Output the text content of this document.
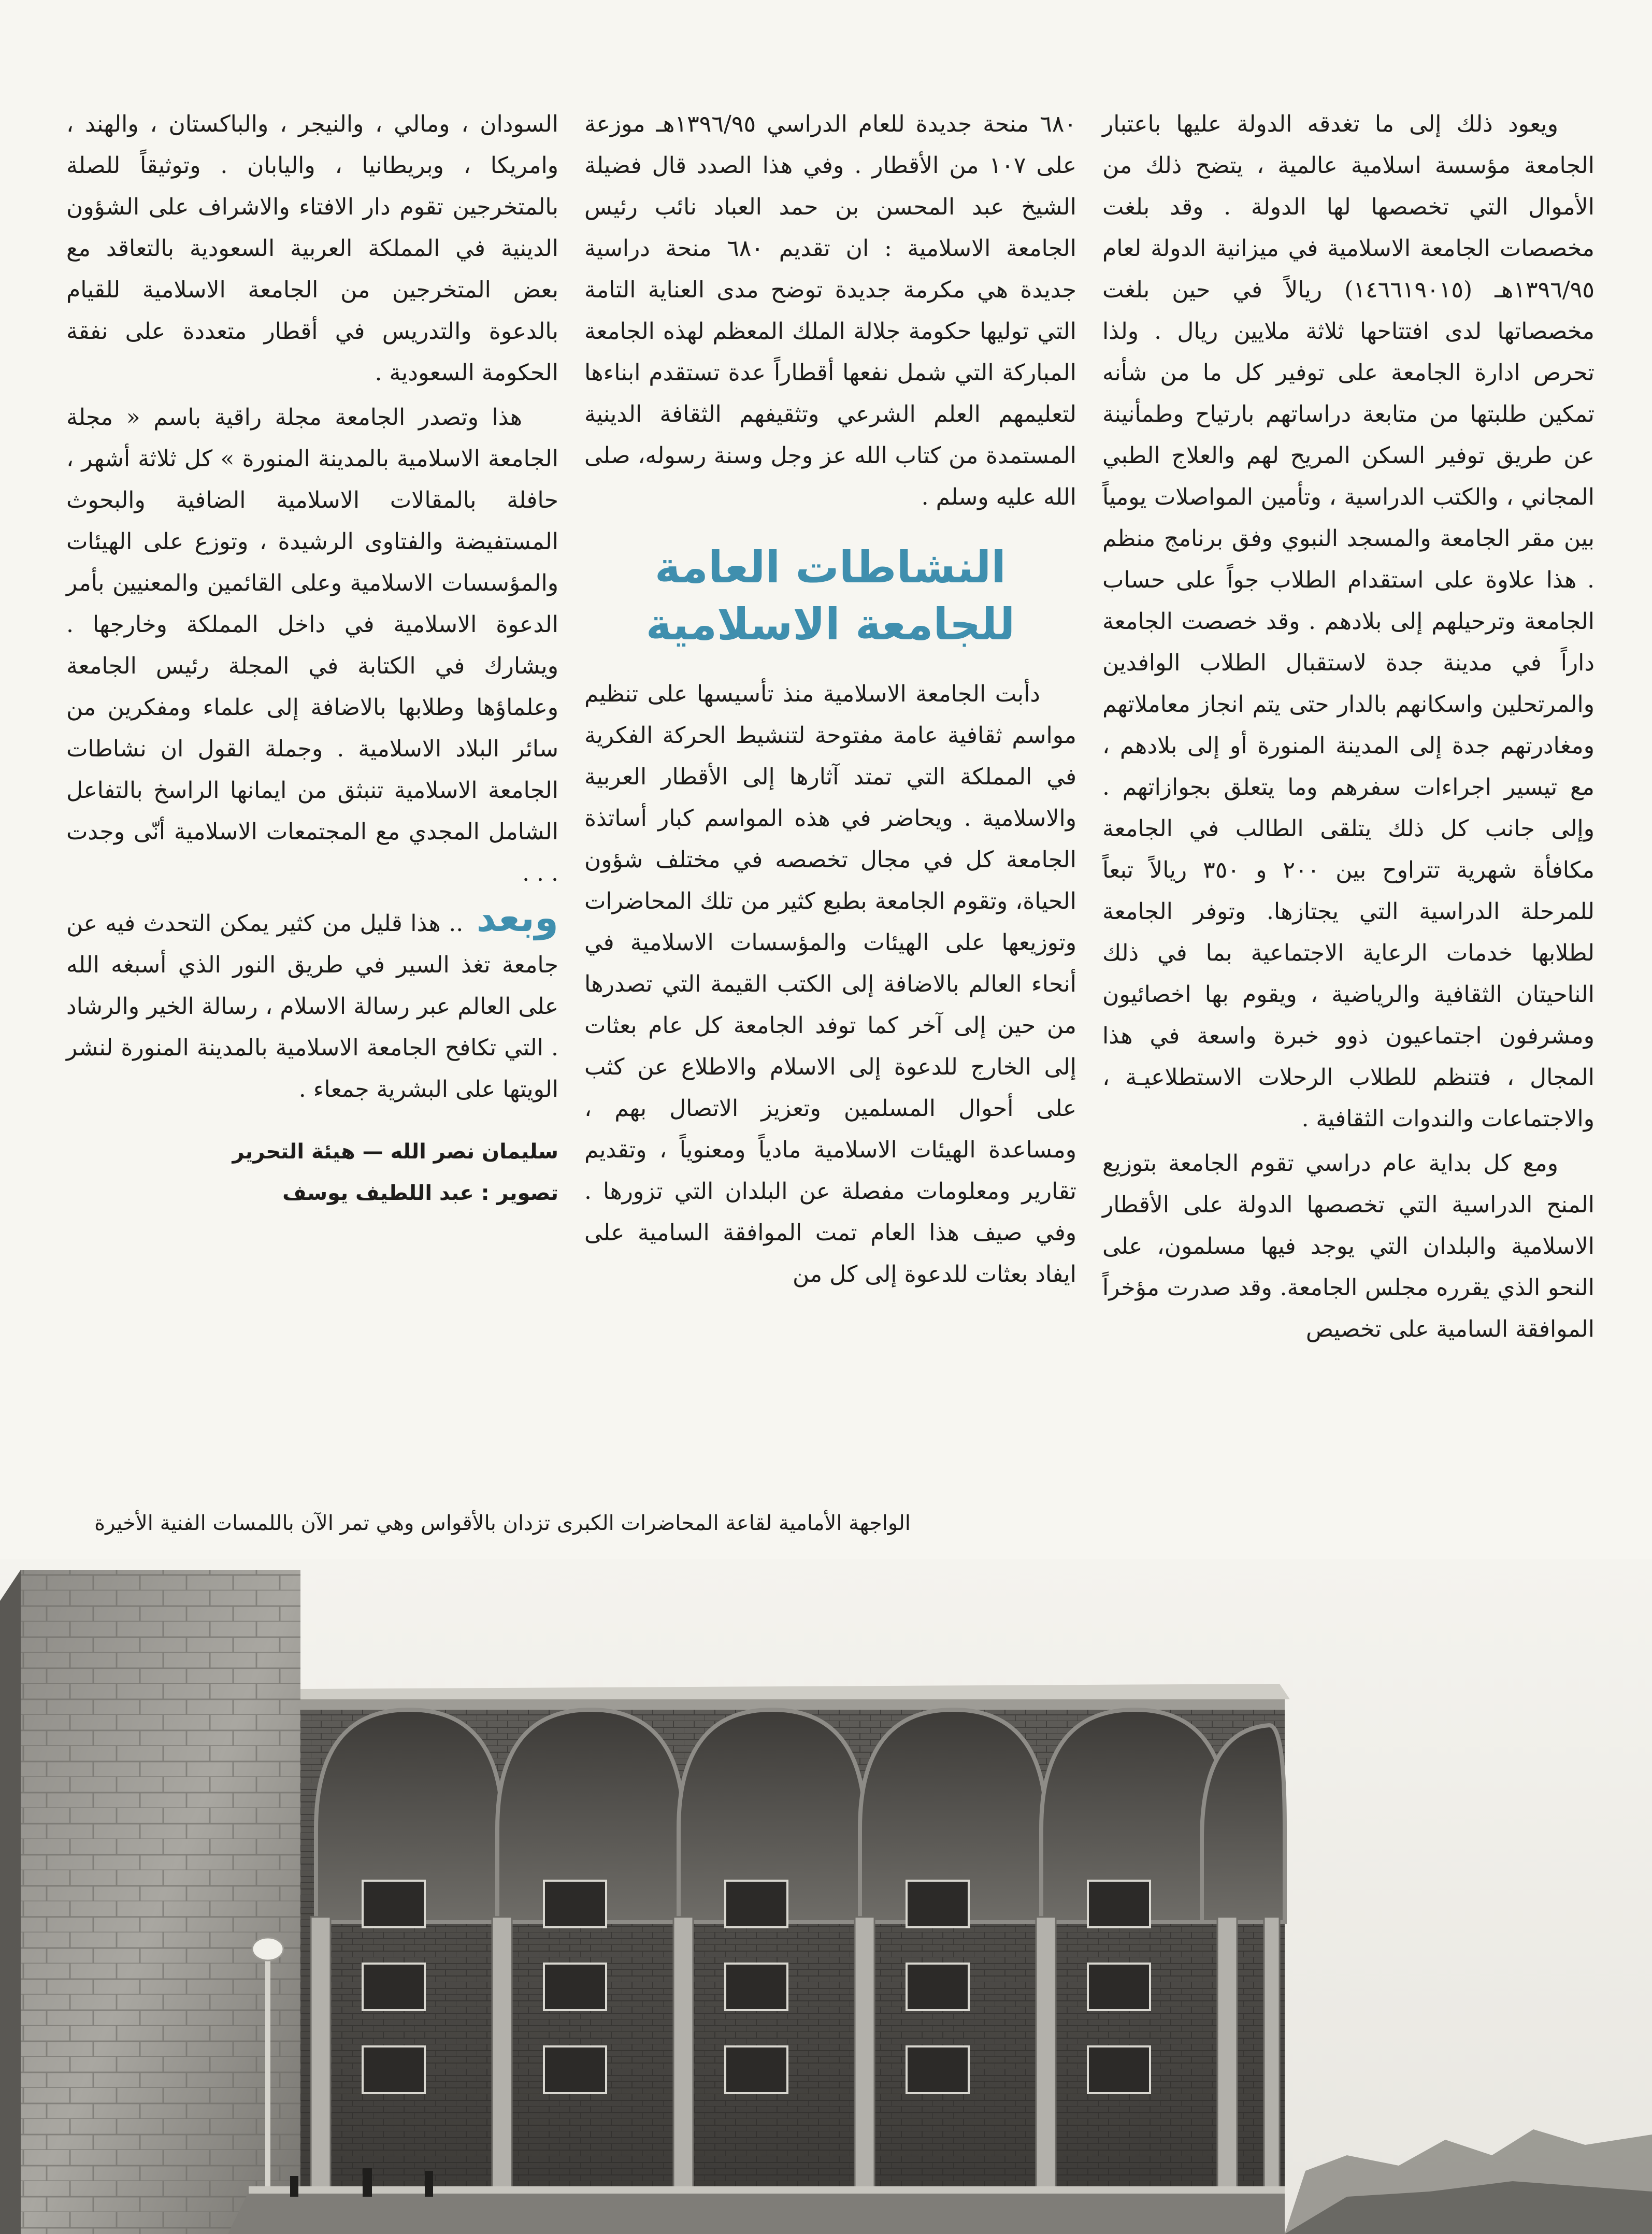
ويعود ذلك إلى ما تغدقه الدولة عليها باعتبار الجامعة مؤسسة اسلامية عالمية ، يتضح ذلك من الأموال التي تخصصها لها الدولة . وقد بلغت مخصصات الجامعة الاسلامية في ميزانية الدولة لعام ١٣٩٦/٩٥هـ (١٤٦٦١٩٠١٥) ريالاً في حين بلغت مخصصاتها لدى افتتاحها ثلاثة ملايين ريال . ولذا تحرص ادارة الجامعة على توفير كل ما من شأنه تمكين طلبتها من متابعة دراساتهم بارتياح وطمأنينة عن طريق توفير السكن المريح لهم والعلاج الطبي المجاني ، والكتب الدراسية ، وتأمين المواصلات يومياً بين مقر الجامعة والمسجد النبوي وفق برنامج منظم . هذا علاوة على استقدام الطلاب جواً على حساب الجامعة وترحيلهم إلى بلادهم . وقد خصصت الجامعة داراً في مدينة جدة لاستقبال الطلاب الوافدين والمرتحلين واسكانهم بالدار حتى يتم انجاز معاملاتهم ومغادرتهم جدة إلى المدينة المنورة أو إلى بلادهم ، مع تيسير اجراءات سفرهم وما يتعلق بجوازاتهم . وإلى جانب كل ذلك يتلقى الطالب في الجامعة مكافأة شهرية تتراوح بين ٢٠٠ و ٣٥٠ ريالاً تبعاً للمرحلة الدراسية التي يجتازها. وتوفر الجامعة لطلابها خدمات الرعاية الاجتماعية بما في ذلك الناحيتان الثقافية والرياضية ، ويقوم بها اخصائيون ومشرفون اجتماعيون ذوو خبرة واسعة في هذا المجال ، فتنظم للطلاب الرحلات الاستطلاعيـة ، والاجتماعات والندوات الثقافية .

ومع كل بداية عام دراسي تقوم الجامعة بتوزيع المنح الدراسية التي تخصصها الدولة على الأقطار الاسلامية والبلدان التي يوجد فيها مسلمون، على النحو الذي يقرره مجلس الجامعة. وقد صدرت مؤخراً الموافقة السامية على تخصيص

٦٨٠ منحة جديدة للعام الدراسي ١٣٩٦/٩٥هـ موزعة على ١٠٧ من الأقطار . وفي هذا الصدد قال فضيلة الشيخ عبد المحسن بن حمد العباد نائب رئيس الجامعة الاسلامية : ان تقديم ٦٨٠ منحة دراسية جديدة هي مكرمة جديدة توضح مدى العناية التامة التي توليها حكومة جلالة الملك المعظم لهذه الجامعة المباركة التي شمل نفعها أقطاراً عدة تستقدم ابناءها لتعليمهم العلم الشرعي وتثقيفهم الثقافة الدينية المستمدة من كتاب الله عز وجل وسنة رسوله، صلى الله عليه وسلم .

النشاطات العامة للجامعة الاسلامية

دأبت الجامعة الاسلامية منذ تأسيسها على تنظيم مواسم ثقافية عامة مفتوحة لتنشيط الحركة الفكرية في المملكة التي تمتد آثارها إلى الأقطار العربية والاسلامية . ويحاضر في هذه المواسم كبار أساتذة الجامعة كل في مجال تخصصه في مختلف شؤون الحياة، وتقوم الجامعة بطبع كثير من تلك المحاضرات وتوزيعها على الهيئات والمؤسسات الاسلامية في أنحاء العالم بالاضافة إلى الكتب القيمة التي تصدرها من حين إلى آخر كما توفد الجامعة كل عام بعثات إلى الخارج للدعوة إلى الاسلام والاطلاع عن كثب على أحوال المسلمين وتعزيز الاتصال بهم ، ومساعدة الهيئات الاسلامية مادياً ومعنوياً ، وتقديم تقارير ومعلومات مفصلة عن البلدان التي تزورها . وفي صيف هذا العام تمت الموافقة السامية على ايفاد بعثات للدعوة إلى كل من

السودان ، ومالي ، والنيجر ، والباكستان ، والهند ، وامريكا ، وبريطانيا ، واليابان . وتوثيقاً للصلة بالمتخرجين تقوم دار الافتاء والاشراف على الشؤون الدينية في المملكة العربية السعودية بالتعاقد مع بعض المتخرجين من الجامعة الاسلامية للقيام بالدعوة والتدريس في أقطار متعددة على نفقة الحكومة السعودية .

هذا وتصدر الجامعة مجلة راقية باسم « مجلة الجامعة الاسلامية بالمدينة المنورة » كل ثلاثة أشهر ، حافلة بالمقالات الاسلامية الضافية والبحوث المستفيضة والفتاوى الرشيدة ، وتوزع على الهيئات والمؤسسات الاسلامية وعلى القائمين والمعنيين بأمر الدعوة الاسلامية في داخل المملكة وخارجها . ويشارك في الكتابة في المجلة رئيس الجامعة وعلماؤها وطلابها بالاضافة إلى علماء ومفكرين من سائر البلاد الاسلامية . وجملة القول ان نشاطات الجامعة الاسلامية تنبثق من ايمانها الراسخ بالتفاعل الشامل المجدي مع المجتمعات الاسلامية أنّى وجدت . . .

وبعد .. هذا قليل من كثير يمكن التحدث فيه عن جامعة تغذ السير في طريق النور الذي أسبغه الله على العالم عبر رسالة الاسلام ، رسالة الخير والرشاد . التي تكافح الجامعة الاسلامية بالمدينة المنورة لنشر الويتها على البشرية جمعاء .

سليمان نصر الله — هيئة التحرير
تصوير : عبد اللطيف يوسف
الواجهة الأمامية لقاعة المحاضرات الكبرى تزدان بالأقواس وهي تمر الآن باللمسات الفنية الأخيرة
